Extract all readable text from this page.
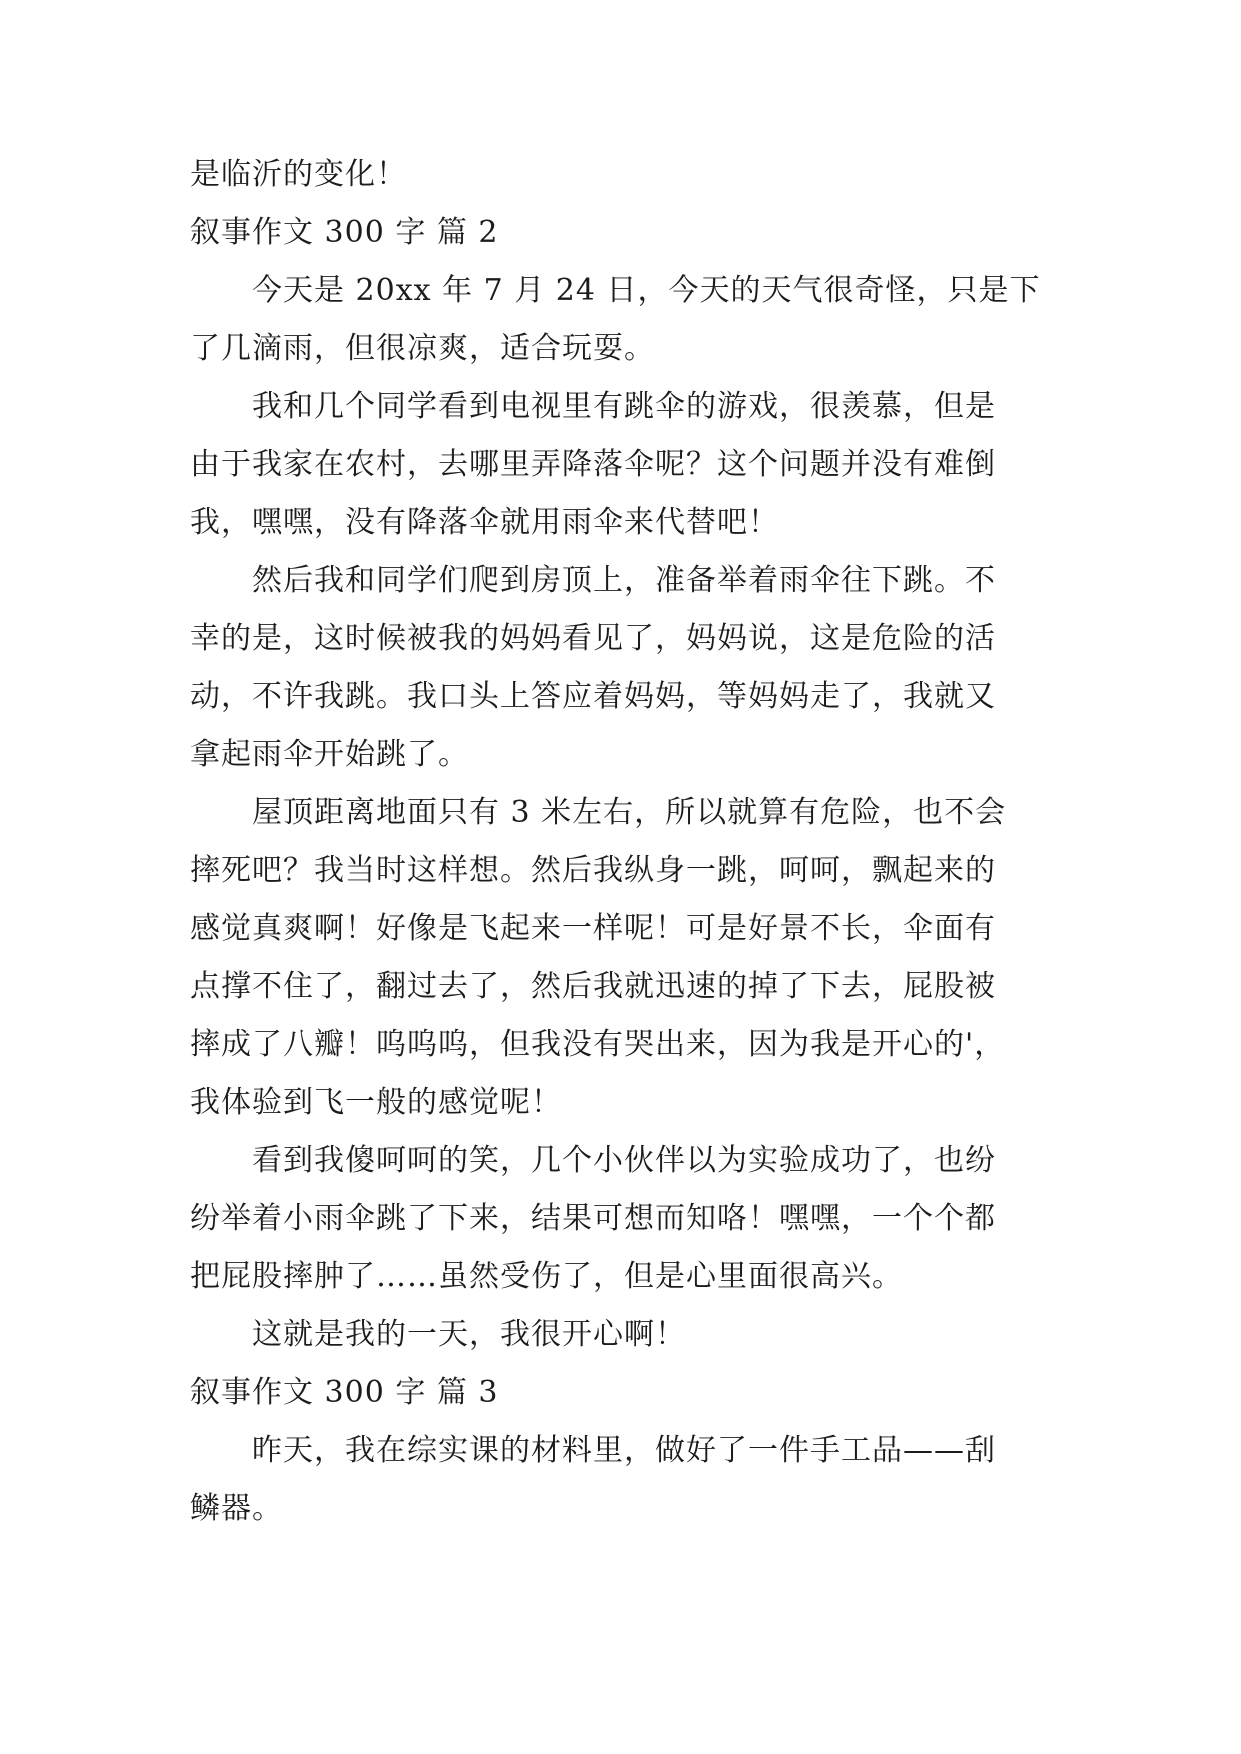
是临沂的变化！
叙事作文 300 字 篇 2
今天是 20xx 年 7 月 24 日，今天的天气很奇怪，只是下
了几滴雨，但很凉爽，适合玩耍。
我和几个同学看到电视里有跳伞的游戏，很羡慕，但是
由于我家在农村，去哪里弄降落伞呢？这个问题并没有难倒
我，嘿嘿，没有降落伞就用雨伞来代替吧！
然后我和同学们爬到房顶上，准备举着雨伞往下跳。不
幸的是，这时候被我的妈妈看见了，妈妈说，这是危险的活
动，不许我跳。我口头上答应着妈妈，等妈妈走了，我就又
拿起雨伞开始跳了。
屋顶距离地面只有 3 米左右，所以就算有危险，也不会
摔死吧？我当时这样想。然后我纵身一跳，呵呵，飘起来的
感觉真爽啊！好像是飞起来一样呢！可是好景不长，伞面有
点撑不住了，翻过去了，然后我就迅速的掉了下去，屁股被
摔成了八瓣！呜呜呜，但我没有哭出来，因为我是开心的'，
我体验到飞一般的感觉呢！
看到我傻呵呵的笑，几个小伙伴以为实验成功了，也纷
纷举着小雨伞跳了下来，结果可想而知咯！嘿嘿，一个个都
把屁股摔肿了……虽然受伤了，但是心里面很高兴。
这就是我的一天，我很开心啊！
叙事作文 300 字 篇 3
昨天，我在综实课的材料里，做好了一件手工品——刮
鳞器。
